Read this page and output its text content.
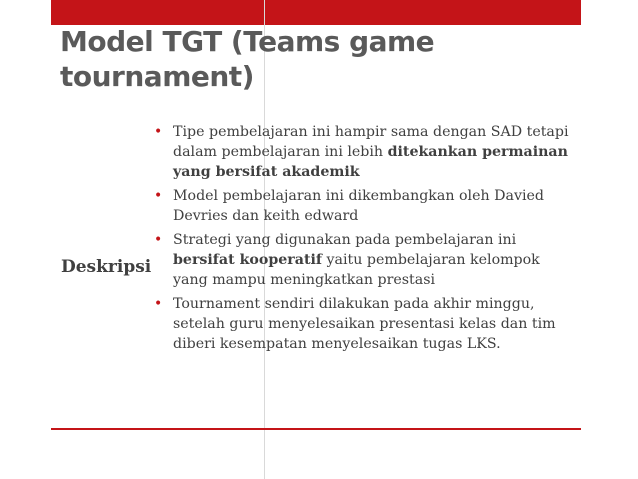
Model TGT (Teams game tournament)
Deskripsi
• Tipe pembelajaran ini hampir sama dengan SAD tetapi dalam pembelajaran ini lebih ditekankan permainan yang bersifat akademik
• Model pembelajaran ini dikembangkan oleh Davied Devries dan keith edward
• Strategi yang digunakan pada pembelajaran ini bersifat kooperatif yaitu pembelajaran kelompok yang mampu meningkatkan prestasi
• Tournament sendiri dilakukan pada akhir minggu, setelah guru menyelesaikan presentasi kelas dan tim diberi kesempatan menyelesaikan tugas LKS.
